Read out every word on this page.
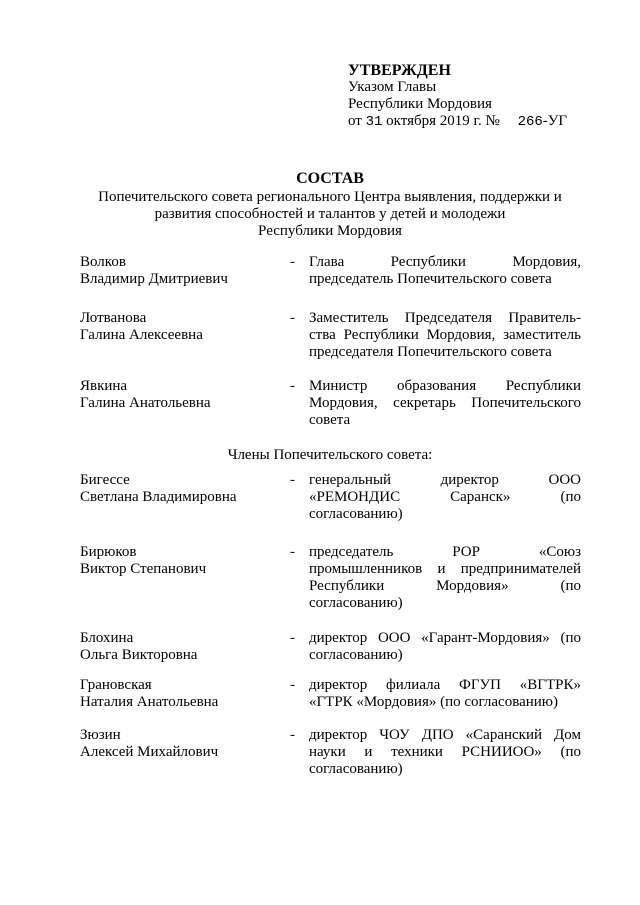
УТВЕРЖДЕН
Указом Главы
Республики Мордовия
от 31 октября 2019 г. № 266-УГ
СОСТАВ
Попечительского совета регионального Центра выявления, поддержки и
развития способностей и талантов у детей и молодежи
Республики Мордовия
Волков
Владимир Дмитриевич
- Глава Республики Мордовия, председатель Попечительского совета
Лотванова
Галина Алексеевна
- Заместитель Председателя Правитель-ства Республики Мордовия, заместитель председателя Попечительского совета
Явкина
Галина Анатольевна
- Министр образования Республики Мордовия, секретарь Попечительского совета
Члены Попечительского совета:
Бигессе
Светлана Владимировна
- генеральный директор ООО «РЕМОНДИС Саранск» (по согласованию)
Бирюков
Виктор Степанович
- председатель РОР «Союз промышленников и предпринимателей Республики Мордовия» (по согласованию)
Блохина
Ольга Викторовна
- директор ООО «Гарант-Мордовия» (по согласованию)
Грановская
Наталия Анатольевна
- директор филиала ФГУП «ВГТРК» «ГТРК «Мордовия» (по согласованию)
Зюзин
Алексей Михайлович
- директор ЧОУ ДПО «Саранский Дом науки и техники РСНИИОО» (по согласованию)
